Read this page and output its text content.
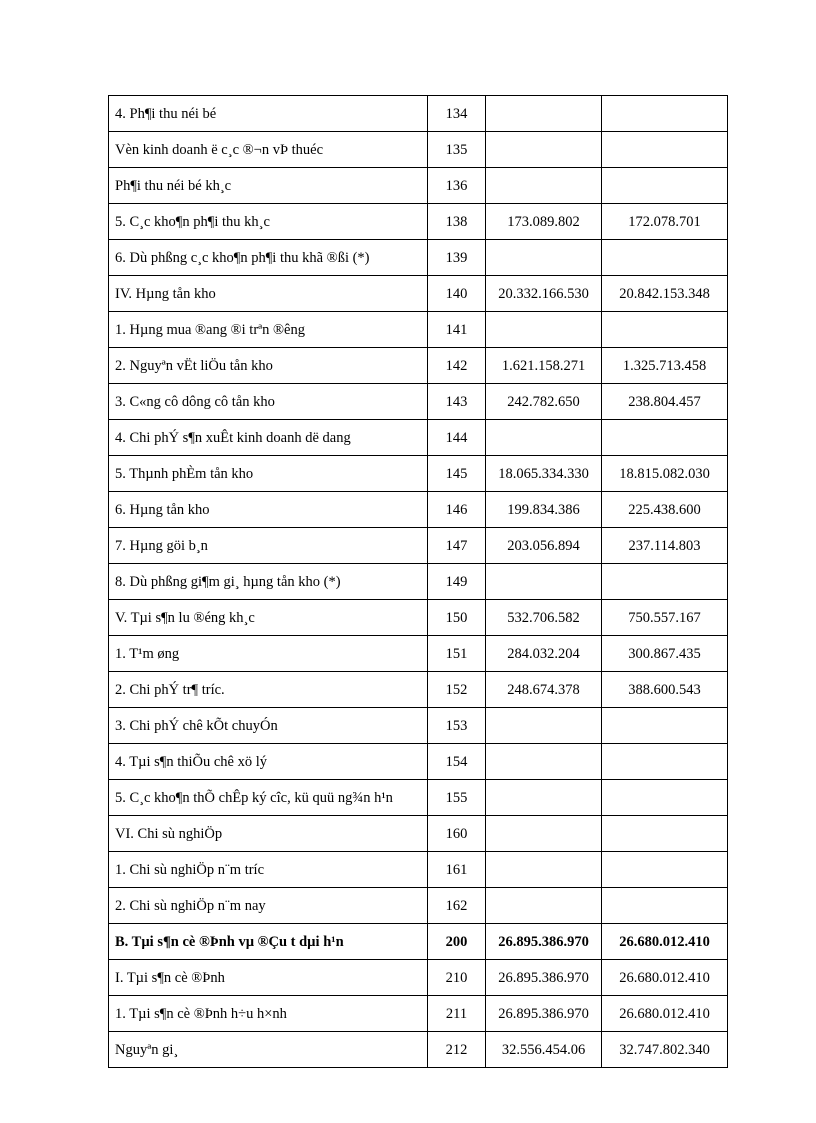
4. Ph¶i thu néi bé	134		
Vèn kinh doanh ë c¸c ®¬n vÞ thuéc	135		
Ph¶i thu néi bé kh¸c	136		
5. C¸c kho¶n ph¶i thu kh¸c	138	173.089.802	172.078.701
6. Dù phßng c¸c kho¶n ph¶i thu khã ®ßi (*)	139		
IV. Hµng tån kho	140	20.332.166.530	20.842.153.348
1. Hµng mua ®ang ®i trªn ®êng	141		
2. Nguyªn vËt liÖu tån kho	142	1.621.158.271	1.325.713.458
3. C«ng cô dông cô tån kho	143	242.782.650	238.804.457
4. Chi phÝ s¶n xuÊt kinh doanh dë dang	144		
5. Thµnh phÈm tån kho	145	18.065.334.330	18.815.082.030
6. Hµng tån kho	146	199.834.386	225.438.600
7. Hµng göi b¸n	147	203.056.894	237.114.803
8. Dù phßng gi¶m gi¸ hµng tån kho (*)	149		
V. Tµi s¶n lu ®éng kh¸c	150	532.706.582	750.557.167
1. T¹m øng	151	284.032.204	300.867.435
2. Chi phÝ tr¶ tríc.	152	248.674.378	388.600.543
3. Chi phÝ chê kÕt chuyÓn	153		
4. Tµi s¶n thiÕu chê xö lý	154		
5. C¸c kho¶n thÕ chÊp ký cîc, kü quü ng¾n h¹n	155		
VI. Chi sù nghiÖp	160		
1. Chi sù nghiÖp n¨m tríc	161		
2. Chi sù nghiÖp n¨m nay	162		
B. Tµi s¶n cè ®Þnh vµ ®Çu t dµi h¹n	200	26.895.386.970	26.680.012.410
I. Tµi s¶n cè ®Þnh	210	26.895.386.970	26.680.012.410
1. Tµi s¶n cè ®Þnh h÷u h×nh	211	26.895.386.970	26.680.012.410
Nguyªn gi¸	212	32.556.454.06	32.747.802.340
